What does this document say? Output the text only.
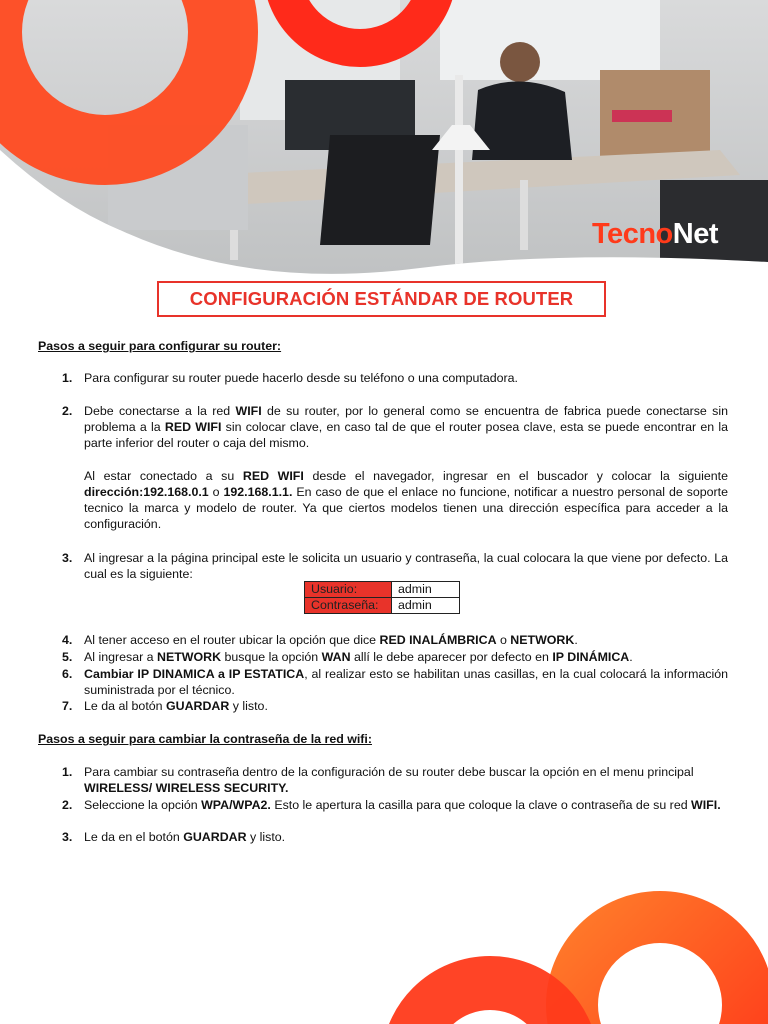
TecnoNet
CONFIGURACIÓN ESTÁNDAR DE ROUTER
Pasos a seguir para configurar su router:
1. Para configurar su router puede hacerlo desde su teléfono o una computadora.
2. Debe conectarse a la red WIFI de su router, por lo general como se encuentra de fabrica puede conectarse sin problema a la RED WIFI sin colocar clave, en caso tal de que el router posea clave, esta se puede encontrar en la parte inferior del router o caja del mismo.
Al estar conectado a su RED WIFI desde el navegador, ingresar en el buscador y colocar la siguiente dirección:192.168.0.1 o 192.168.1.1. En caso de que el enlace no funcione, notificar a nuestro personal de soporte tecnico la marca y modelo de router. Ya que ciertos modelos tienen una dirección específica para acceder a la configuración.
3. Al ingresar a la página principal este le solicita un usuario y contraseña, la cual colocara la que viene por defecto. La cual es la siguiente:
Usuario:	admin
Contraseña:	admin
4. Al tener acceso en el router ubicar la opción que dice RED INALÁMBRICA o NETWORK.
5. Al ingresar a NETWORK busque la opción WAN allí le debe aparecer por defecto en IP DINÁMICA.
6. Cambiar IP DINAMICA a IP ESTATICA, al realizar esto se habilitan unas casillas, en la cual colocará la información suministrada por el técnico.
7. Le da al botón GUARDAR y listo.
Pasos a seguir para cambiar la contraseña de la red wifi:
1. Para cambiar su contraseña dentro de la configuración de su router debe buscar la opción en el menu principal WIRELESS/ WIRELESS SECURITY.
2. Seleccione la opción WPA/WPA2. Esto le apertura la casilla para que coloque la clave o contraseña de su red WIFI.
3. Le da en el botón GUARDAR y listo.
